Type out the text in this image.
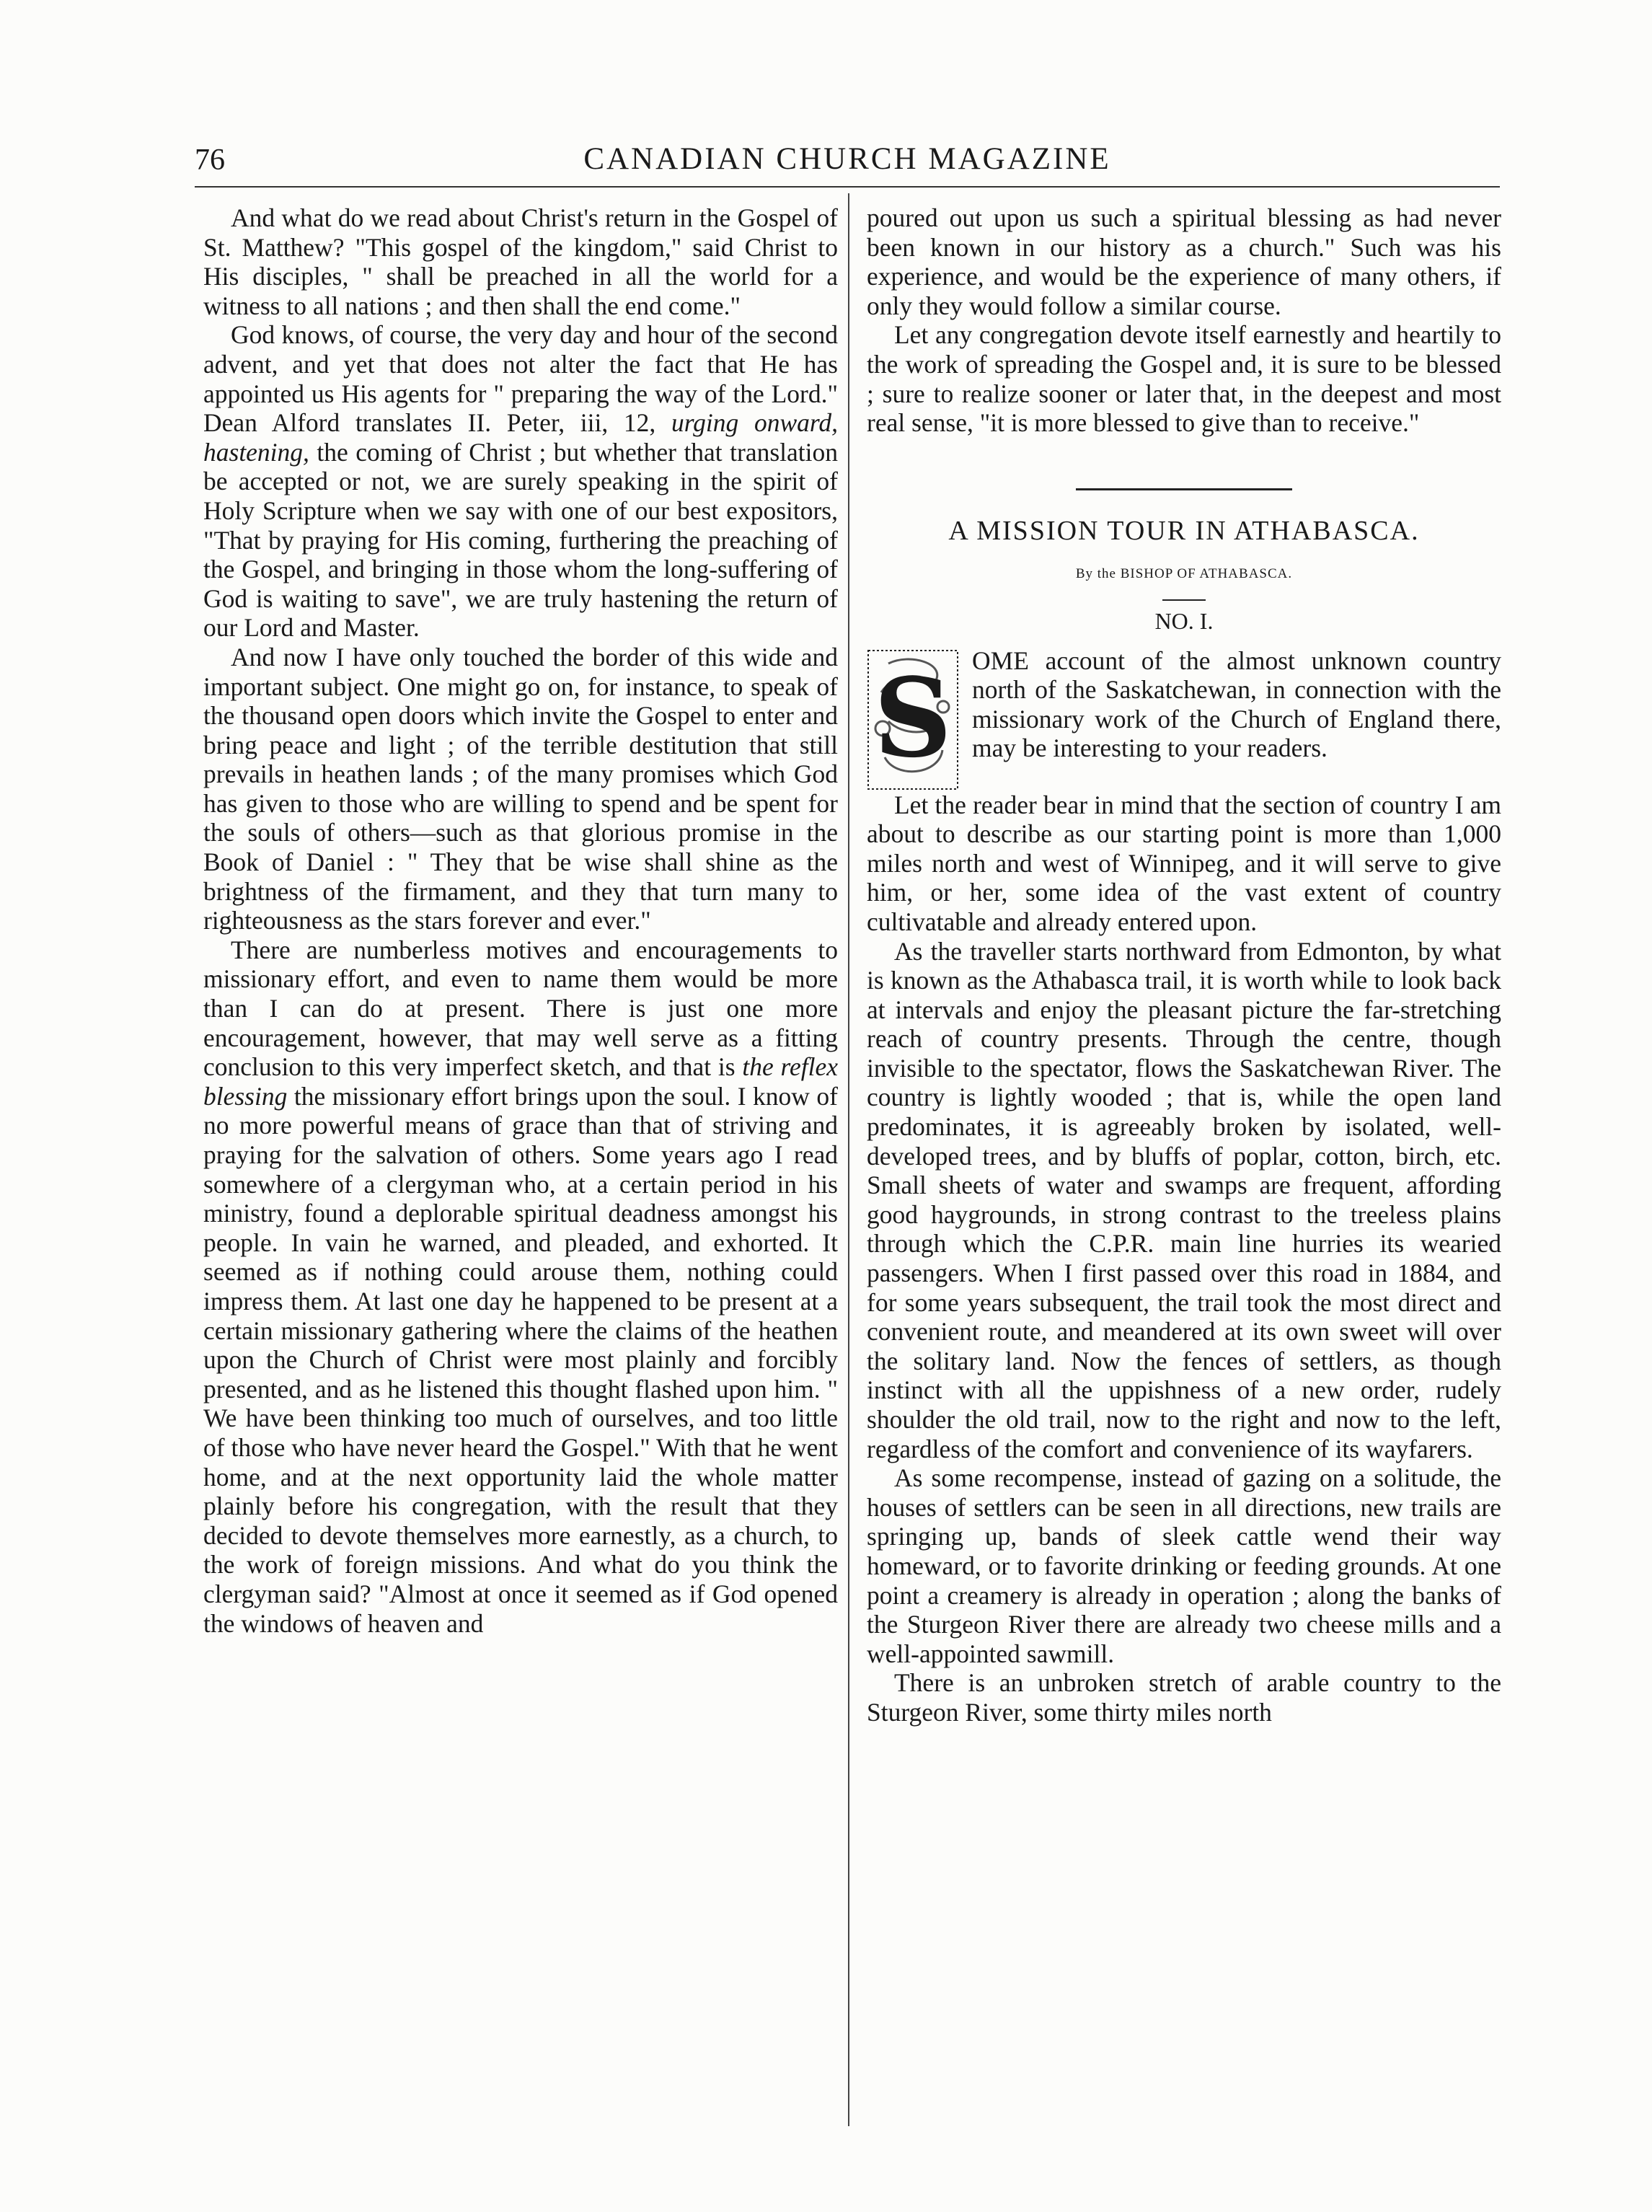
76	CANADIAN CHURCH MAGAZINE

And what do we read about Christ's return in the Gospel of St. Matthew? "This gospel of the kingdom," said Christ to His disciples, " shall be preached in all the world for a witness to all nations ; and then shall the end come."

God knows, of course, the very day and hour of the second advent, and yet that does not alter the fact that He has appointed us His agents for " preparing the way of the Lord." Dean Alford translates II. Peter, iii, 12, urging onward, hastening, the coming of Christ ; but whether that translation be accepted or not, we are surely speaking in the spirit of Holy Scripture when we say with one of our best expositors, "That by praying for His coming, furthering the preaching of the Gospel, and bringing in those whom the long-suffering of God is waiting to save", we are truly hastening the return of our Lord and Master.

And now I have only touched the border of this wide and important subject. One might go on, for instance, to speak of the thousand open doors which invite the Gospel to enter and bring peace and light ; of the terrible destitution that still prevails in heathen lands ; of the many promises which God has given to those who are willing to spend and be spent for the souls of others—such as that glorious promise in the Book of Daniel : " They that be wise shall shine as the brightness of the firmament, and they that turn many to righteousness as the stars forever and ever."

There are numberless motives and encouragements to missionary effort, and even to name them would be more than I can do at present. There is just one more encouragement, however, that may well serve as a fitting conclusion to this very imperfect sketch, and that is the reflex blessing the missionary effort brings upon the soul. I know of no more powerful means of grace than that of striving and praying for the salvation of others. Some years ago I read somewhere of a clergyman who, at a certain period in his ministry, found a deplorable spiritual deadness amongst his people. In vain he warned, and pleaded, and exhorted. It seemed as if nothing could arouse them, nothing could impress them. At last one day he happened to be present at a certain missionary gathering where the claims of the heathen upon the Church of Christ were most plainly and forcibly presented, and as he listened this thought flashed upon him. " We have been thinking too much of ourselves, and too little of those who have never heard the Gospel." With that he went home, and at the next opportunity laid the whole matter plainly before his congregation, with the result that they decided to devote themselves more earnestly, as a church, to the work of foreign missions. And what do you think the clergyman said? "Almost at once it seemed as if God opened the windows of heaven and

poured out upon us such a spiritual blessing as had never been known in our history as a church." Such was his experience, and would be the experience of many others, if only they would follow a similar course.

Let any congregation devote itself earnestly and heartily to the work of spreading the Gospel and, it is sure to be blessed ; sure to realize sooner or later that, in the deepest and most real sense, "it is more blessed to give than to receive."

A MISSION TOUR IN ATHABASCA.
By the BISHOP OF ATHABASCA.
NO. I.
S OME account of the almost unknown country north of the Saskatchewan, in connection with the missionary work of the Church of England there, may be interesting to your readers.

Let the reader bear in mind that the section of country I am about to describe as our starting point is more than 1,000 miles north and west of Winnipeg, and it will serve to give him, or her, some idea of the vast extent of country cultivatable and already entered upon.

As the traveller starts northward from Edmonton, by what is known as the Athabasca trail, it is worth while to look back at intervals and enjoy the pleasant picture the far-stretching reach of country presents. Through the centre, though invisible to the spectator, flows the Saskatchewan River. The country is lightly wooded ; that is, while the open land predominates, it is agreeably broken by isolated, well-developed trees, and by bluffs of poplar, cotton, birch, etc. Small sheets of water and swamps are frequent, affording good haygrounds, in strong contrast to the treeless plains through which the C.P.R. main line hurries its wearied passengers. When I first passed over this road in 1884, and for some years subsequent, the trail took the most direct and convenient route, and meandered at its own sweet will over the solitary land. Now the fences of settlers, as though instinct with all the uppishness of a new order, rudely shoulder the old trail, now to the right and now to the left, regardless of the comfort and convenience of its wayfarers.

As some recompense, instead of gazing on a solitude, the houses of settlers can be seen in all directions, new trails are springing up, bands of sleek cattle wend their way homeward, or to favorite drinking or feeding grounds. At one point a creamery is already in operation ; along the banks of the Sturgeon River there are already two cheese mills and a well-appointed sawmill.

There is an unbroken stretch of arable country to the Sturgeon River, some thirty miles north
